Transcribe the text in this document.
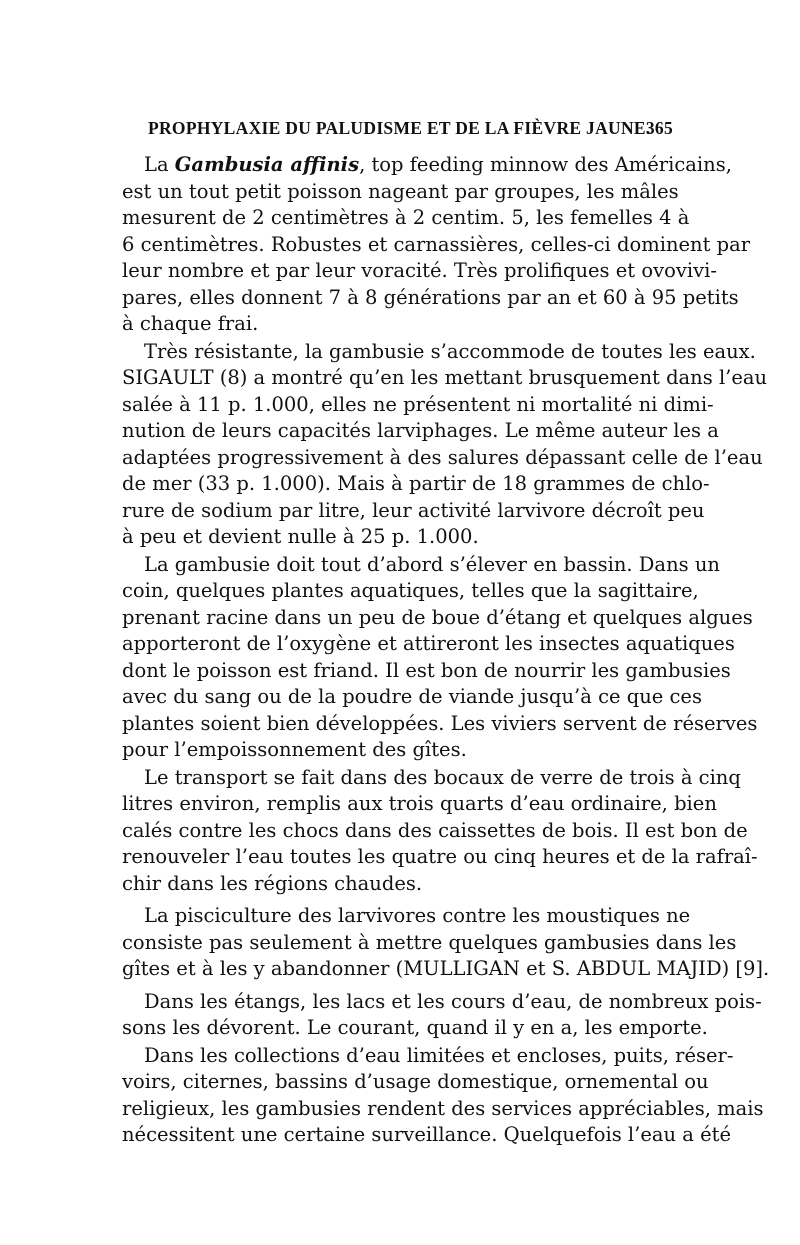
PROPHYLAXIE DU PALUDISME ET DE LA FIÈVRE JAUNE.
365
La Gambusia affinis, top feeding minnow des Américains,
est un tout petit poisson nageant par groupes, les mâles
mesurent de 2 centimètres à 2 centim. 5, les femelles 4 à
6 centimètres. Robustes et carnassières, celles-ci dominent par
leur nombre et par leur voracité. Très prolifiques et ovovivi-
pares, elles donnent 7 à 8 générations par an et 60 à 95 petits
à chaque frai.
Très résistante, la gambusie s’accommode de toutes les eaux.
SIGAULT (8) a montré qu’en les mettant brusquement dans l’eau
salée à 11 p. 1.000, elles ne présentent ni mortalité ni dimi-
nution de leurs capacités larviphages. Le même auteur les a
adaptées progressivement à des salures dépassant celle de l’eau
de mer (33 p. 1.000). Mais à partir de 18 grammes de chlo-
rure de sodium par litre, leur activité larvivore décroît peu
à peu et devient nulle à 25 p. 1.000.
La gambusie doit tout d’abord s’élever en bassin. Dans un
coin, quelques plantes aquatiques, telles que la sagittaire,
prenant racine dans un peu de boue d’étang et quelques algues
apporteront de l’oxygène et attireront les insectes aquatiques
dont le poisson est friand. Il est bon de nourrir les gambusies
avec du sang ou de la poudre de viande jusqu’à ce que ces
plantes soient bien développées. Les viviers servent de réserves
pour l’empoissonnement des gîtes.
Le transport se fait dans des bocaux de verre de trois à cinq
litres environ, remplis aux trois quarts d’eau ordinaire, bien
calés contre les chocs dans des caissettes de bois. Il est bon de
renouveler l’eau toutes les quatre ou cinq heures et de la rafraî-
chir dans les régions chaudes.
La pisciculture des larvivores contre les moustiques ne
consiste pas seulement à mettre quelques gambusies dans les
gîtes et à les y abandonner (MULLIGAN et S. ABDUL MAJID) [9].
Dans les étangs, les lacs et les cours d’eau, de nombreux pois-
sons les dévorent. Le courant, quand il y en a, les emporte.
Dans les collections d’eau limitées et encloses, puits, réser-
voirs, citernes, bassins d’usage domestique, ornemental ou
religieux, les gambusies rendent des services appréciables, mais
nécessitent une certaine surveillance. Quelquefois l’eau a été
